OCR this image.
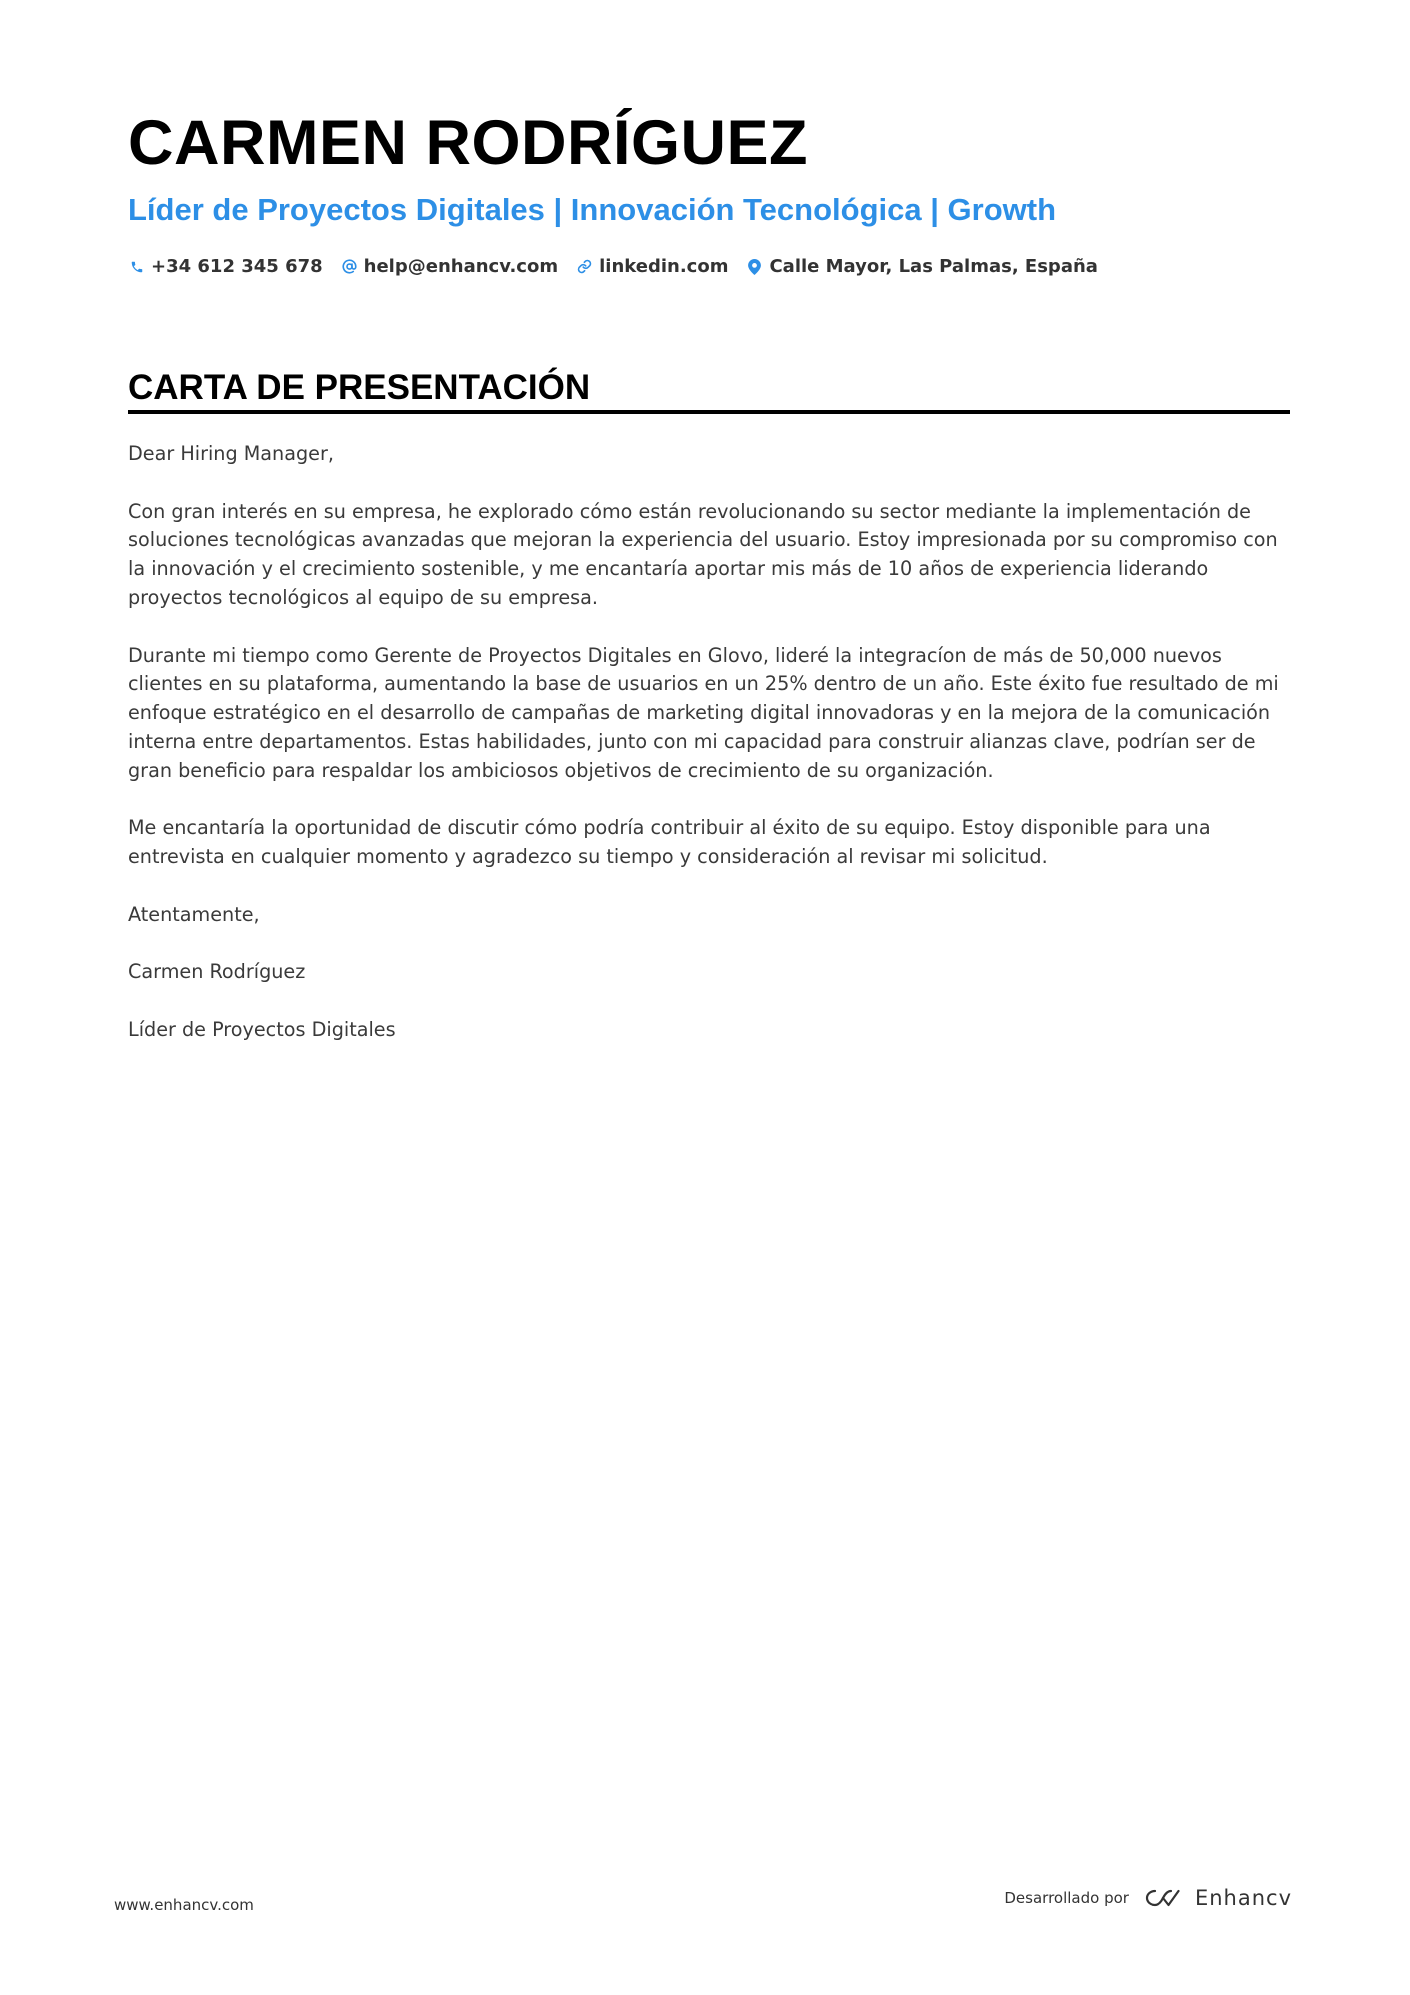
CARMEN RODRÍGUEZ
Líder de Proyectos Digitales | Innovación Tecnológica | Growth
+34 612 345 678 help@enhancv.com linkedin.com Calle Mayor, Las Palmas, España
CARTA DE PRESENTACIÓN

Dear Hiring Manager,

Con gran interés en su empresa, he explorado cómo están revolucionando su sector mediante la implementación de soluciones tecnológicas avanzadas que mejoran la experiencia del usuario. Estoy impresionada por su compromiso con la innovación y el crecimiento sostenible, y me encantaría aportar mis más de 10 años de experiencia liderando proyectos tecnológicos al equipo de su empresa.

Durante mi tiempo como Gerente de Proyectos Digitales en Glovo, lideré la integracíon de más de 50,000 nuevos clientes en su plataforma, aumentando la base de usuarios en un 25% dentro de un año. Este éxito fue resultado de mi enfoque estratégico en el desarrollo de campañas de marketing digital innovadoras y en la mejora de la comunicación interna entre departamentos. Estas habilidades, junto con mi capacidad para construir alianzas clave, podrían ser de gran beneficio para respaldar los ambiciosos objetivos de crecimiento de su organización.

Me encantaría la oportunidad de discutir cómo podría contribuir al éxito de su equipo. Estoy disponible para una entrevista en cualquier momento y agradezco su tiempo y consideración al revisar mi solicitud.

Atentamente,

Carmen Rodríguez

Líder de Proyectos Digitales

www.enhancv.com	Desarrollado por	Enhancv
